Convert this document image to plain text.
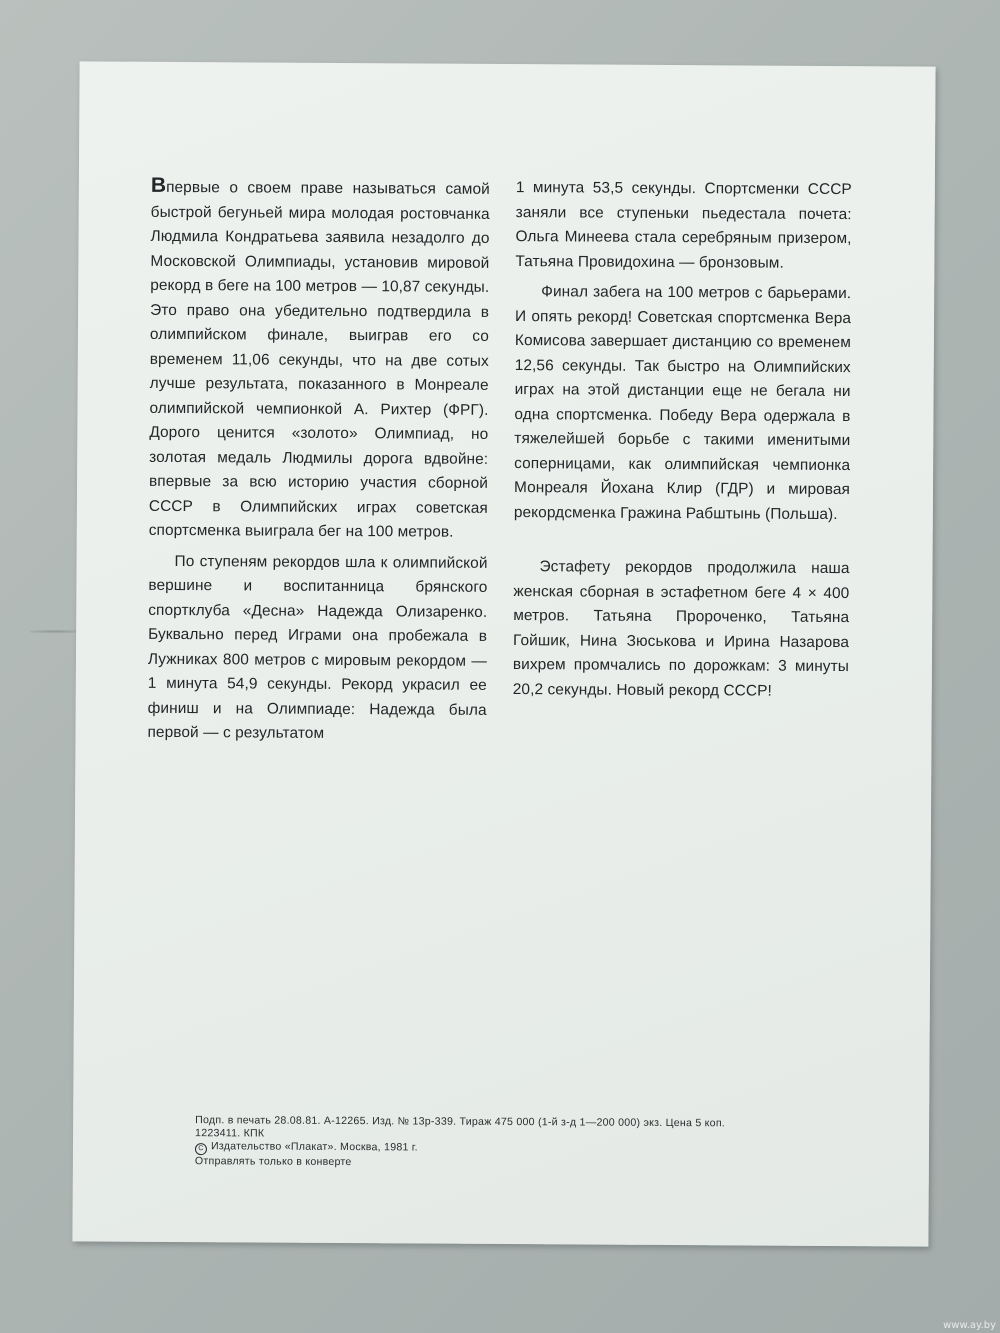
Впервые о своем праве называться самой быстрой бегуньей мира молодая ростовчанка Людмила Кондратьева заявила незадолго до Московской Олимпиады, установив мировой рекорд в беге на 100 метров — 10,87 секунды. Это право она убедительно подтвердила в олимпийском финале, выиграв его со временем 11,06 секунды, что на две сотых лучше результата, показанного в Монреале олимпийской чемпионкой А. Рихтер (ФРГ). Дорого ценится «золото» Олимпиад, но золотая медаль Людмилы дорога вдвойне: впервые за всю историю участия сборной СССР в Олимпийских играх советская спортсменка выиграла бег на 100 метров.

По ступеням рекордов шла к олимпийской вершине и воспитанница брянского спортклуба «Десна» Надежда Олизаренко. Буквально перед Играми она пробежала в Лужниках 800 метров с мировым рекордом — 1 минута 54,9 секунды. Рекорд украсил ее финиш и на Олимпиаде: Надежда была первой — с результатом

1 минута 53,5 секунды. Спортсменки СССР заняли все ступеньки пьедестала почета: Ольга Минеева стала серебряным призером, Татьяна Провидохина — бронзовым.

Финал забега на 100 метров с барьерами. И опять рекорд! Советская спортсменка Вера Комисова завершает дистанцию со временем 12,56 секунды. Так быстро на Олимпийских играх на этой дистанции еще не бегала ни одна спортсменка. Победу Вера одержала в тяжелейшей борьбе с такими именитыми соперницами, как олимпийская чемпионка Монреаля Йохана Клир (ГДР) и мировая рекордсменка Гражина Рабштынь (Польша).

Эстафету рекордов продолжила наша женская сборная в эстафетном беге 4 × 400 метров. Татьяна Пророченко, Татьяна Гойшик, Нина Зюськова и Ирина Назарова вихрем промчались по дорожкам: 3 минуты 20,2 секунды. Новый рекорд СССР!

Подп. в печать 28.08.81. А-12265. Изд. № 13р-339. Тираж 475 000 (1-й з-д 1—200 000) экз. Цена 5 коп.
1223411. КПК
C Издательство «Плакат». Москва, 1981 г.
Отправлять только в конверте
www.ay.by
